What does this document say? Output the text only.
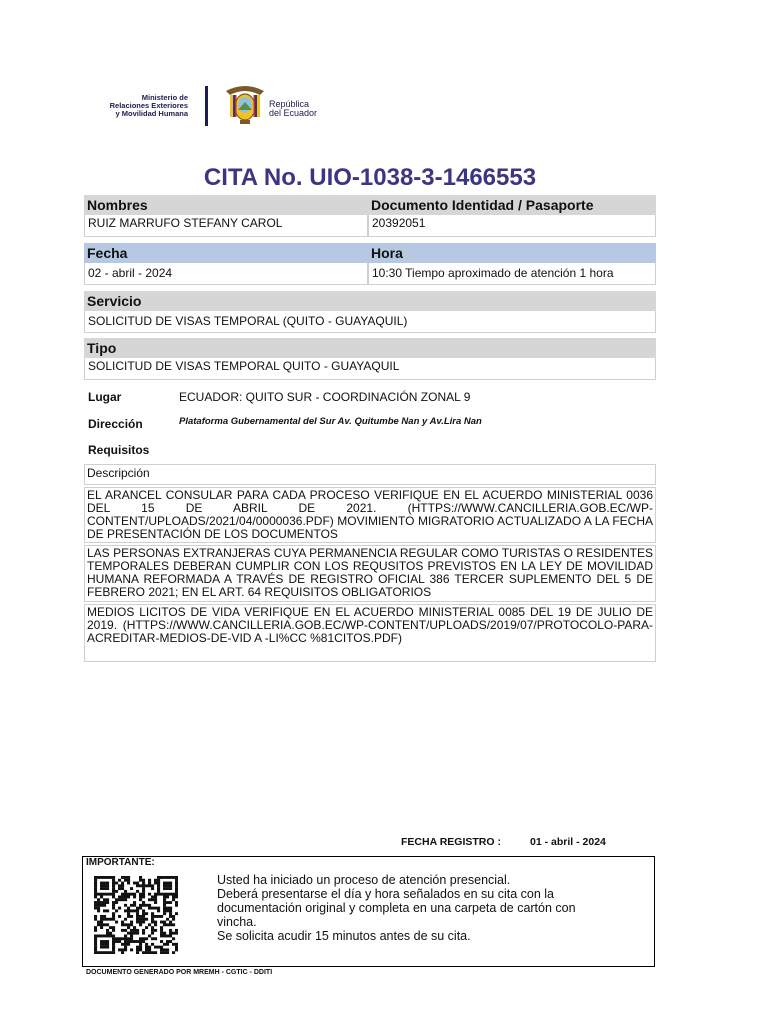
Ministerio de
Relaciones Exteriores
y Movilidad Humana
República
del Ecuador
CITA No. UIO-1038-3-1466553
Nombres	Documento Identidad / Pasaporte
RUIZ MARRUFO STEFANY CAROL	20392051
Fecha	Hora
02 - abril - 2024	10:30 Tiempo aproximado de atención 1 hora
Servicio
SOLICITUD DE VISAS TEMPORAL (QUITO - GUAYAQUIL)
Tipo
SOLICITUD DE VISAS TEMPORAL QUITO - GUAYAQUIL
Lugar	ECUADOR: QUITO SUR - COORDINACIÓN ZONAL 9
Dirección	Plataforma Gubernamental del Sur Av. Quitumbe Nan y Av.Lira Nan
Requisitos
Descripción
EL ARANCEL CONSULAR PARA CADA PROCESO VERIFIQUE EN EL ACUERDO MINISTERIAL 0036 DEL 15 DE ABRIL DE 2021. (HTTPS://WWW.CANCILLERIA.GOB.EC/WP-CONTENT/UPLOADS/2021/04/0000036.PDF) MOVIMIENTO MIGRATORIO ACTUALIZADO A LA FECHA DE PRESENTACIÓN DE LOS DOCUMENTOS
LAS PERSONAS EXTRANJERAS CUYA PERMANENCIA REGULAR COMO TURISTAS O RESIDENTES TEMPORALES DEBERAN CUMPLIR CON LOS REQUSITOS PREVISTOS EN LA LEY DE MOVILIDAD HUMANA REFORMADA A TRAVÉS DE REGISTRO OFICIAL 386 TERCER SUPLEMENTO DEL 5 DE FEBRERO 2021; EN EL ART. 64 REQUISITOS OBLIGATORIOS
MEDIOS LICITOS DE VIDA VERIFIQUE EN EL ACUERDO MINISTERIAL 0085 DEL 19 DE JULIO DE 2019. (HTTPS://WWW.CANCILLERIA.GOB.EC/WP-CONTENT/UPLOADS/2019/07/PROTOCOLO-PARA-ACREDITAR-MEDIOS-DE-VID A -LI%CC %81CITOS.PDF)
FECHA REGISTRO :	01 - abril - 2024
IMPORTANTE:
Usted ha iniciado un proceso de atención presencial.
Deberá presentarse el día y hora señalados en su cita con la documentación original y completa en una carpeta de cartón con vincha.
Se solicita acudir 15 minutos antes de su cita.
DOCUMENTO GENERADO POR MREMH - CGTIC - DDITI
